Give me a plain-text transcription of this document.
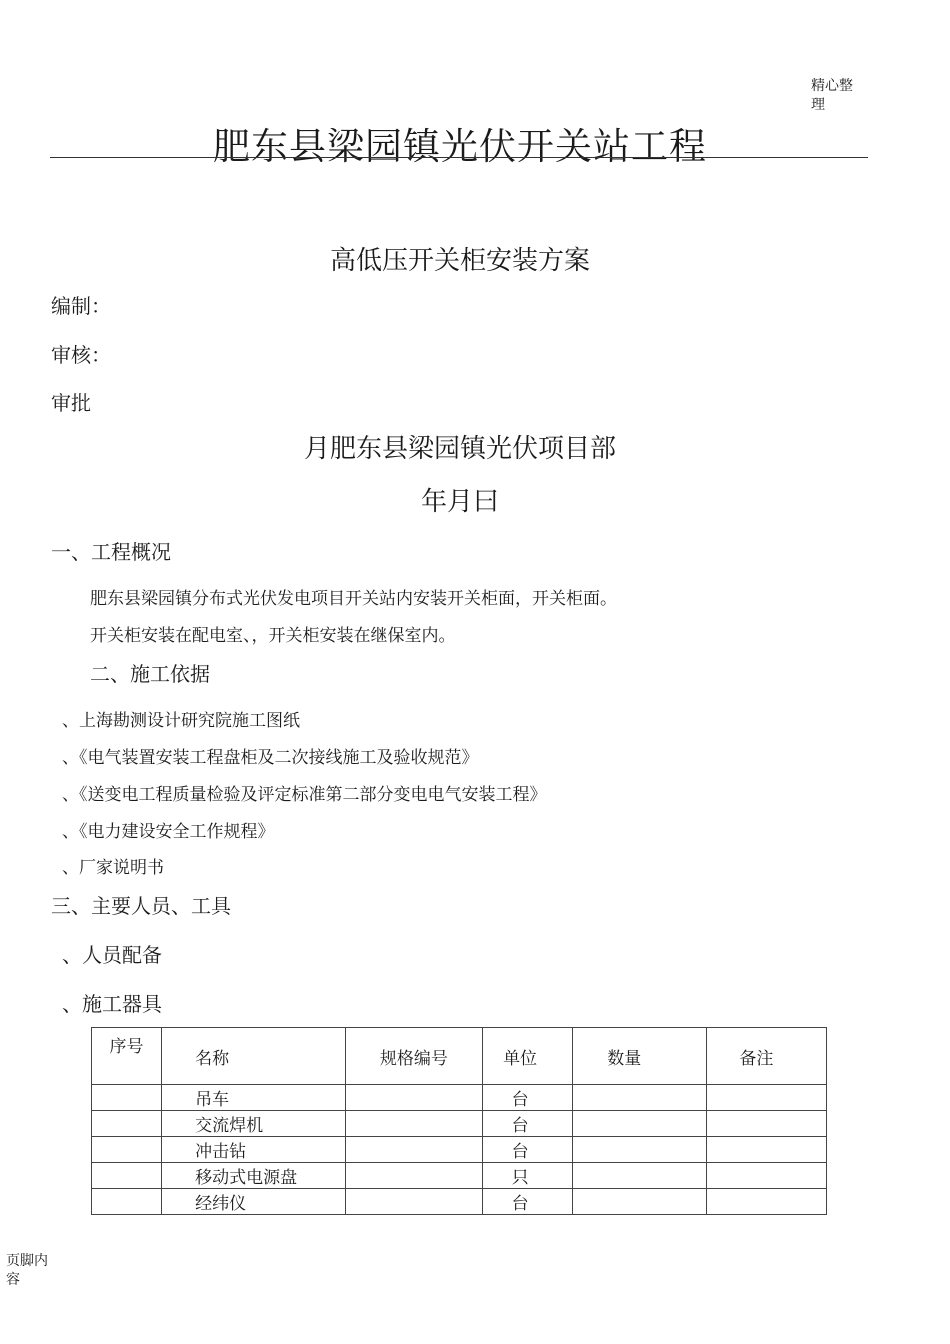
精心整理
肥东县梁园镇光伏开关站工程
高低压开关柜安装方案
编制：
审核：
审批
月肥东县梁园镇光伏项目部
年月曰
一、工程概况
肥东县梁园镇分布式光伏发电项目开关站内安装开关柜面，开关柜面。
开关柜安装在配电室、，开关柜安装在继保室内。
二、施工依据
、上海勘测设计研究院施工图纸
、《电气装置安装工程盘柜及二次接线施工及验收规范》
、《送变电工程质量检验及评定标准第二部分变电电气安装工程》
、《电力建设安全工作规程》
、厂家说明书
三、主要人员、工具
、人员配备
、施工器具
序号	名称	规格编号	单位	数量	备注
	吊车		台		
	交流焊机		台		
	冲击钻		台		
	移动式电源盘		只		
	经纬仪		台		
页脚内容
